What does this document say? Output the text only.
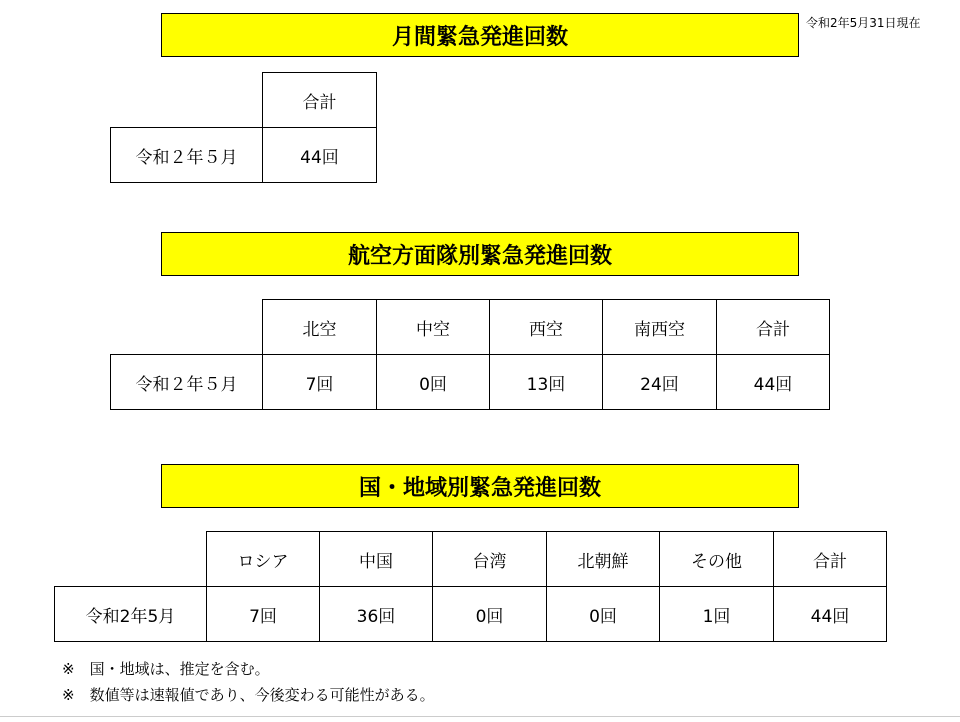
令和2年5月31日現在
月間緊急発進回数
	合計
令和２年５月	44回
航空方面隊別緊急発進回数
	北空	中空	西空	南西空	合計
令和２年５月	7回	0回	13回	24回	44回
国・地域別緊急発進回数
	ロシア	中国	台湾	北朝鮮	その他	合計
令和2年5月	7回	36回	0回	0回	1回	44回
※　国・地域は、推定を含む。
※　数値等は速報値であり、今後変わる可能性がある。
